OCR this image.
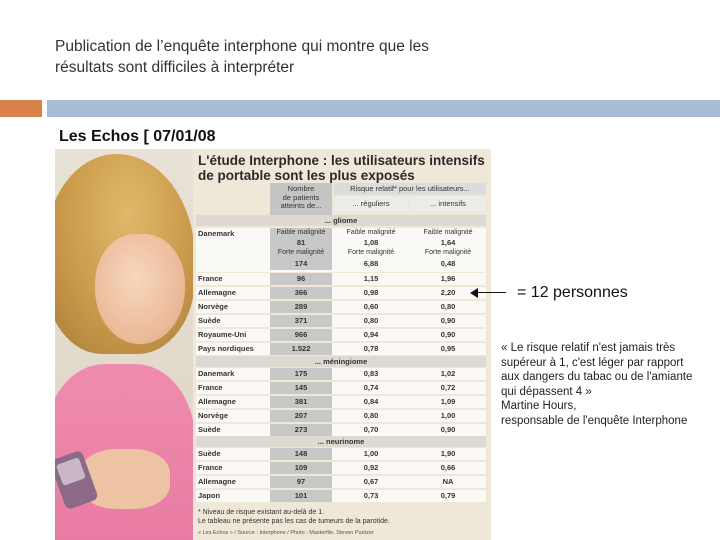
Publication de l’enquête interphone qui montre que les
résultats sont difficiles à interpréter
Les Echos [ 07/01/08
L'étude Interphone : les utilisateurs intensifs
de portable sont les plus exposés
Nombre
de patients
atteints de...
Risque relatif* pour les utilisateurs...
... réguliers	... intensifs
... gliome
Danemark	Faible malignité	Faible malignité	Faible malignité
81	1,08	1,64
Forte malignité	Forte malignité	Forte malignité
174	6,88	0,48
France	96	1,15	1,96
Allemagne	366	0,98	2,20
Norvège	289	0,60	0,80
Suède	371	0,80	0,90
Royaume-Uni	966	0,94	0,90
Pays nordiques	1.522	0,78	0,95
... méningiome
Danemark	175	0,83	1,02
France	145	0,74	0,72
Allemagne	381	0,84	1,09
Norvège	207	0,80	1,00
Suède	273	0,70	0,90
... neurinome
Suède	148	1,00	1,90
France	109	0,92	0,66
Allemagne	97	0,67	NA
Japon	101	0,73	0,79
* Niveau de risque existant au-delà de 1.
Le tableau ne présente pas les cas de tumeurs de la parotide.
« Les Echos » / Source : Interphone / Photo : Masterfile, Steven Puetzer
= 12 personnes
« Le risque relatif n'est jamais très
supéreur à 1, c'est léger par rapport
aux dangers du tabac ou de l'amiante
qui dépassent 4 »
Martine Hours,
responsable de l'enquête Interphone
